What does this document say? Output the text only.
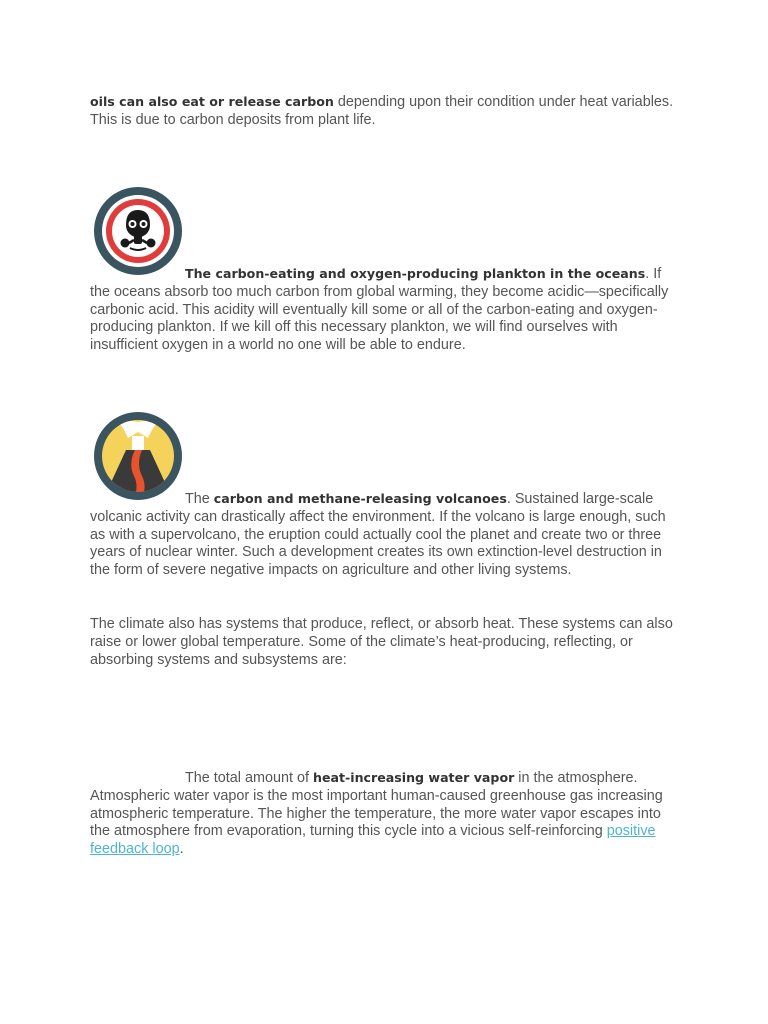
oils can also eat or release carbon depending upon their condition under heat variables. This is due to carbon deposits from plant life.

The carbon-eating and oxygen-producing plankton in the oceans. If the oceans absorb too much carbon from global warming, they become acidic—specifically carbonic acid. This acidity will eventually kill some or all of the carbon-eating and oxygen-producing plankton. If we kill off this necessary plankton, we will find ourselves with insufficient oxygen in a world no one will be able to endure.

The carbon and methane-releasing volcanoes. Sustained large-scale volcanic activity can drastically affect the environment. If the volcano is large enough, such as with a supervolcano, the eruption could actually cool the planet and create two or three years of nuclear winter. Such a development creates its own extinction-level destruction in the form of severe negative impacts on agriculture and other living systems.

The climate also has systems that produce, reflect, or absorb heat. These systems can also raise or lower global temperature. Some of the climate’s heat-producing, reflecting, or absorbing systems and subsystems are:

The total amount of heat-increasing water vapor in the atmosphere. Atmospheric water vapor is the most important human-caused greenhouse gas increasing atmospheric temperature. The higher the temperature, the more water vapor escapes into the atmosphere from evaporation, turning this cycle into a vicious self-reinforcing positive feedback loop.
